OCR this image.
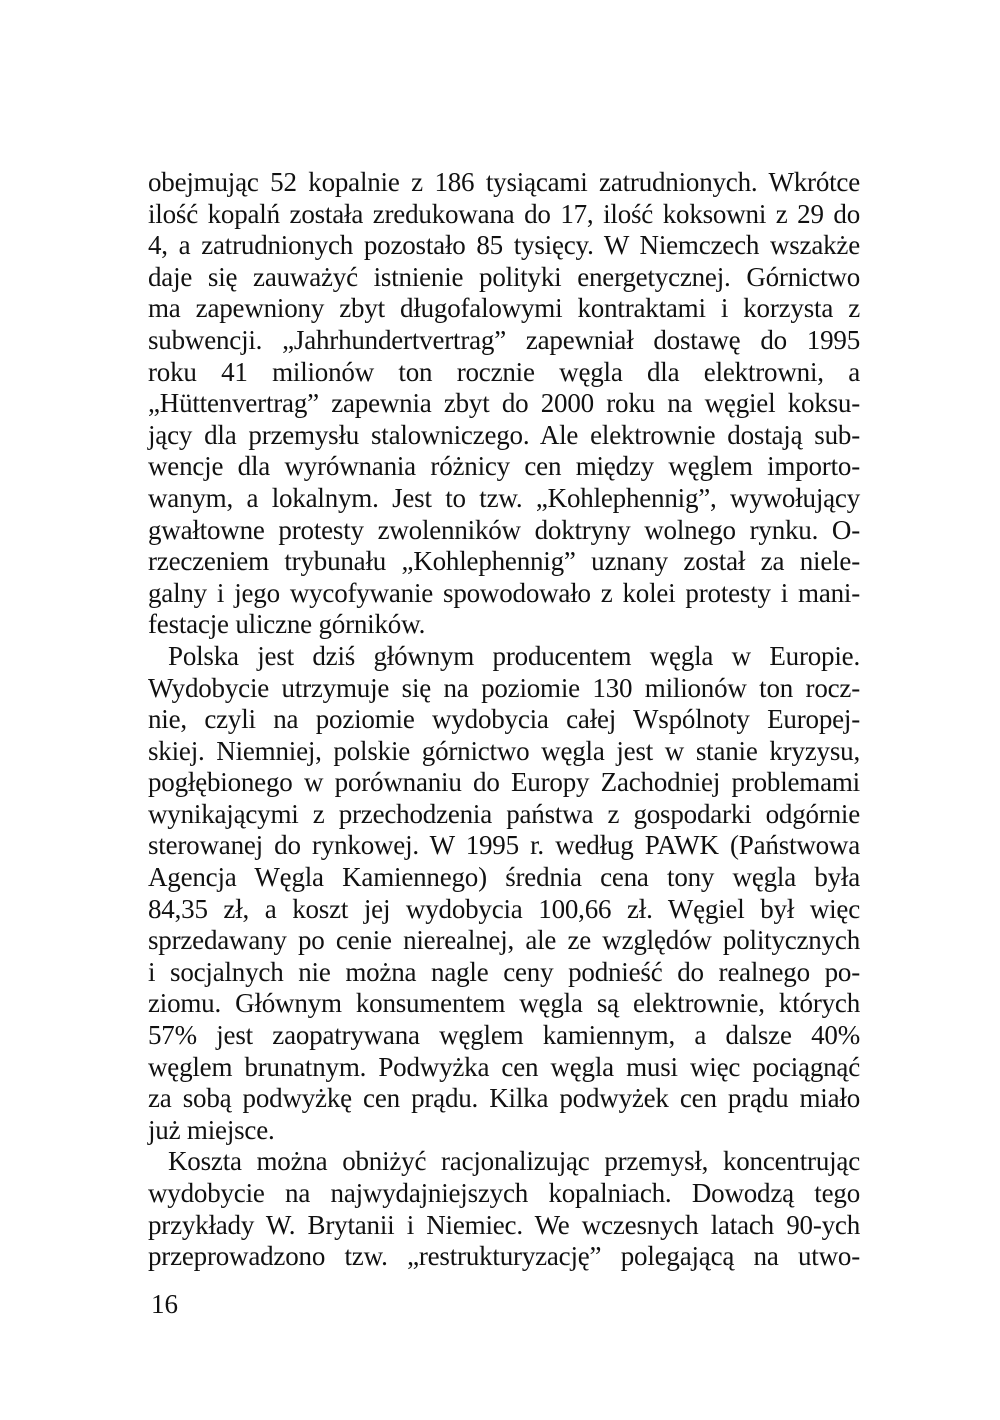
obejmując 52 kopalnie z 186 tysiącami zatrudnionych. Wkrótce
ilość kopalń została zredukowana do 17, ilość koksowni z 29 do
4, a zatrudnionych pozostało 85 tysięcy. W Niemczech wszakże
daje się zauważyć istnienie polityki energetycznej. Górnictwo
ma zapewniony zbyt długofalowymi kontraktami i korzysta z
subwencji. „Jahrhundertvertrag” zapewniał dostawę do 1995
roku 41 milionów ton rocznie węgla dla elektrowni, a
„Hüttenvertrag” zapewnia zbyt do 2000 roku na węgiel koksu-
jący dla przemysłu stalowniczego. Ale elektrownie dostają sub-
wencje dla wyrównania różnicy cen między węglem importo-
wanym, a lokalnym. Jest to tzw. „Kohlephennig”, wywołujący
gwałtowne protesty zwolenników doktryny wolnego rynku. O-
rzeczeniem trybunału „Kohlephennig” uznany został za niele-
galny i jego wycofywanie spowodowało z kolei protesty i mani-
festacje uliczne górników.
Polska jest dziś głównym producentem węgla w Europie.
Wydobycie utrzymuje się na poziomie 130 milionów ton rocz-
nie, czyli na poziomie wydobycia całej Wspólnoty Europej-
skiej. Niemniej, polskie górnictwo węgla jest w stanie kryzysu,
pogłębionego w porównaniu do Europy Zachodniej problemami
wynikającymi z przechodzenia państwa z gospodarki odgórnie
sterowanej do rynkowej. W 1995 r. według PAWK (Państwowa
Agencja Węgla Kamiennego) średnia cena tony węgla była
84,35 zł, a koszt jej wydobycia 100,66 zł. Węgiel był więc
sprzedawany po cenie nierealnej, ale ze względów politycznych
i socjalnych nie można nagle ceny podnieść do realnego po-
ziomu. Głównym konsumentem węgla są elektrownie, których
57% jest zaopatrywana węglem kamiennym, a dalsze 40%
węglem brunatnym. Podwyżka cen węgla musi więc pociągnąć
za sobą podwyżkę cen prądu. Kilka podwyżek cen prądu miało
już miejsce.
Koszta można obniżyć racjonalizując przemysł, koncentrując
wydobycie na najwydajniejszych kopalniach. Dowodzą tego
przykłady W. Brytanii i Niemiec. We wczesnych latach 90-ych
przeprowadzono tzw. „restrukturyzację” polegającą na utwo-
16
